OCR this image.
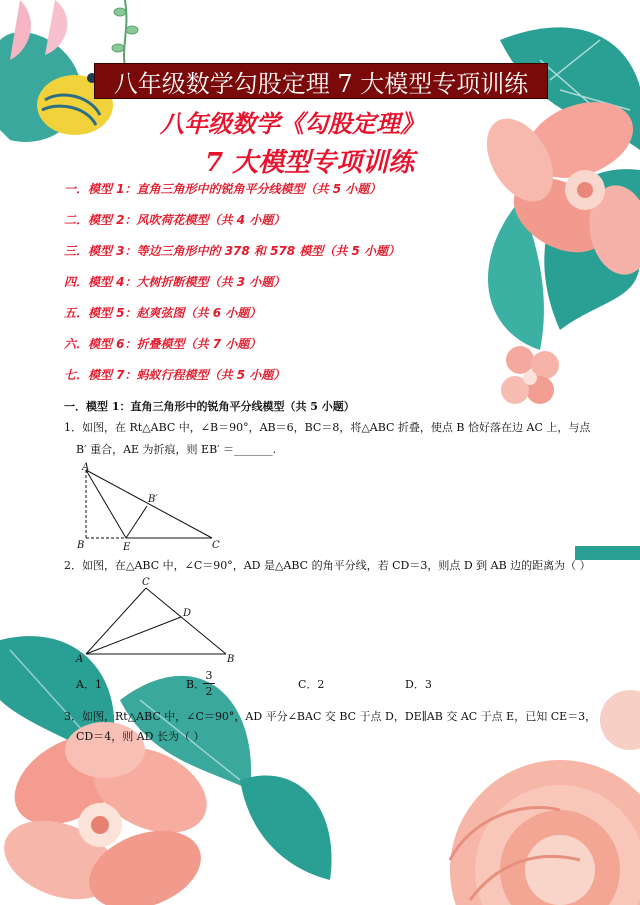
八年级数学勾股定理 7 大模型专项训练
八年级数学《勾股定理》
7 大模型专项训练
一．模型 1：直角三角形中的锐角平分线模型（共 5 小题）
二．模型 2：风吹荷花模型（共 4 小题）
三．模型 3：等边三角形中的 378 和 578 模型（共 5 小题）
四．模型 4：大树折断模型（共 3 小题）
五．模型 5：赵爽弦图（共 6 小题）
六．模型 6：折叠模型（共 7 小题）
七．模型 7：蚂蚁行程模型（共 5 小题）
一．模型 1：直角三角形中的锐角平分线模型（共 5 小题）
1．如图，在 Rt△ABC 中，∠B＝90°，AB＝6，BC＝8，将△ABC 折叠，使点 B 恰好落在边 AC 上，与点
B′ 重合，AE 为折痕，则 EB′ ＝_______.
A
B	E	C
B′
2．如图，在△ABC 中，∠C＝90°，AD 是△ABC 的角平分线，若 CD＝3，则点 D 到 AB 边的距离为（ ）
A	B
C
D
A．1	B．
3
2
C．2	D．3
3．如图，Rt△ABC 中，∠C＝90°，AD 平分∠BAC 交 BC 于点 D，DE∥AB 交 AC 于点 E，已知 CE＝3，
CD＝4，则 AD 长为（ ）
